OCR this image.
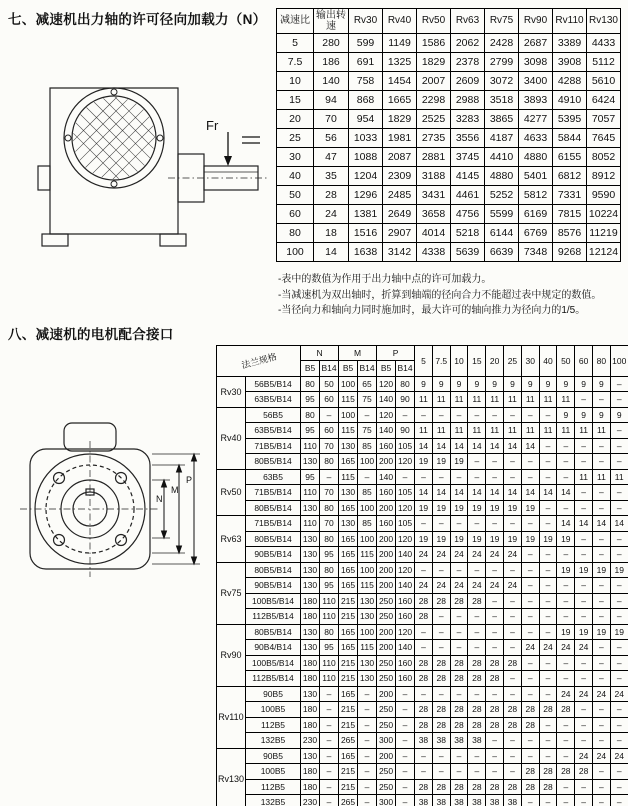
七、减速机出力轴的许可径向加载力（N）
Fr
减速比	输出转速	Rv30	Rv40	Rv50	Rv63	Rv75	Rv90	Rv110	Rv130
5	280	599	1149	1586	2062	2428	2687	3389	4433
7.5	186	691	1325	1829	2378	2799	3098	3908	5112
10	140	758	1454	2007	2609	3072	3400	4288	5610
15	94	868	1665	2298	2988	3518	3893	4910	6424
20	70	954	1829	2525	3283	3865	4277	5395	7057
25	56	1033	1981	2735	3556	4187	4633	5844	7645
30	47	1088	2087	2881	3745	4410	4880	6155	8052
40	35	1204	2309	3188	4145	4880	5401	6812	8912
50	28	1296	2485	3431	4461	5252	5812	7331	9590
60	24	1381	2649	3658	4756	5599	6169	7815	10224
80	18	1516	2907	4014	5218	6144	6769	8576	11219
100	14	1638	3142	4338	5639	6639	7348	9268	12124
-表中的数值为作用于出力轴中点的许可加载力。
-当减速机为双出轴时，折算到轴端的径向合力不能超过表中规定的数值。
-当径向力和轴向力同时施加时，最大许可的轴向推力为径向力的1/5。
八、减速机的电机配合接口
N
M
P
法兰规格		N		M		P		5	7.5	10	15	20	25	30	40	50	60	80	100
		B5	B14	B5	B14	B5	B14												
Rv30	56B5/B14	80	50	100	65	120	80	9	9	9	9	9	9	9	9	9	9	9	–
	63B5/B14	95	60	115	75	140	90	11	11	11	11	11	11	11	11	11	–	–	–
Rv40	56B5	80	–	100	–	120	–	–	–	–	–	–	–	–	–	9	9	9	9
	63B5/B14	95	60	115	75	140	90	11	11	11	11	11	11	11	11	11	11	11	–
	71B5/B14	110	70	130	85	160	105	14	14	14	14	14	14	14	–	–	–	–	–
	80B5/B14	130	80	165	100	200	120	19	19	19	–	–	–	–	–	–	–	–	–
Rv50	63B5	95	–	115	–	140	–	–	–	–	–	–	–	–	–	–	11	11	11
	71B5/B14	110	70	130	85	160	105	14	14	14	14	14	14	14	14	14	–	–	–
	80B5/B14	130	80	165	100	200	120	19	19	19	19	19	19	19	–	–	–	–	–
Rv63	71B5/B14	110	70	130	85	160	105	–	–	–	–	–	–	–	–	14	14	14	14
	80B5/B14	130	80	165	100	200	120	19	19	19	19	19	19	19	19	19	–	–	–
	90B5/B14	130	95	165	115	200	140	24	24	24	24	24	24	–	–	–	–	–	–
Rv75	80B5/B14	130	80	165	100	200	120	–	–	–	–	–	–	–	–	19	19	19	19
	90B5/B14	130	95	165	115	200	140	24	24	24	24	24	24	–	–	–	–	–	–
	100B5/B14	180	110	215	130	250	160	28	28	28	28	–	–	–	–	–	–	–	–
	112B5/B14	180	110	215	130	250	160	28	–	–	–	–	–	–	–	–	–	–	–
Rv90	80B5/B14	130	80	165	100	200	120	–	–	–	–	–	–	–	–	19	19	19	19
	90B4/B14	130	95	165	115	200	140	–	–	–	–	–	–	24	24	24	24	–	–
	100B5/B14	180	110	215	130	250	160	28	28	28	28	28	28	–	–	–	–	–	–
	112B5/B14	180	110	215	130	250	160	28	28	28	28	28	–	–	–	–	–	–	–
Rv110	90B5	130	–	165	–	200	–	–	–	–	–	–	–	–	–	24	24	24	24
	100B5	180	–	215	–	250	–	28	28	28	28	28	28	28	28	28	–	–	–
	112B5	180	–	215	–	250	–	28	28	28	28	28	28	28	–	–	–	–	–
	132B5	230	–	265	–	300	–	38	38	38	38	–	–	–	–	–	–	–	–
Rv130	90B5	130	–	165	–	200	–	–	–	–	–	–	–	–	–	–	24	24	24
	100B5	180	–	215	–	250	–	–	–	–	–	–	–	28	28	28	28	–	–
	112B5	180	–	215	–	250	–	28	28	28	28	28	28	28	28	–	–	–	–
	132B5	230	–	265	–	300	–	38	38	38	38	38	38	–	–	–	–	–	–
